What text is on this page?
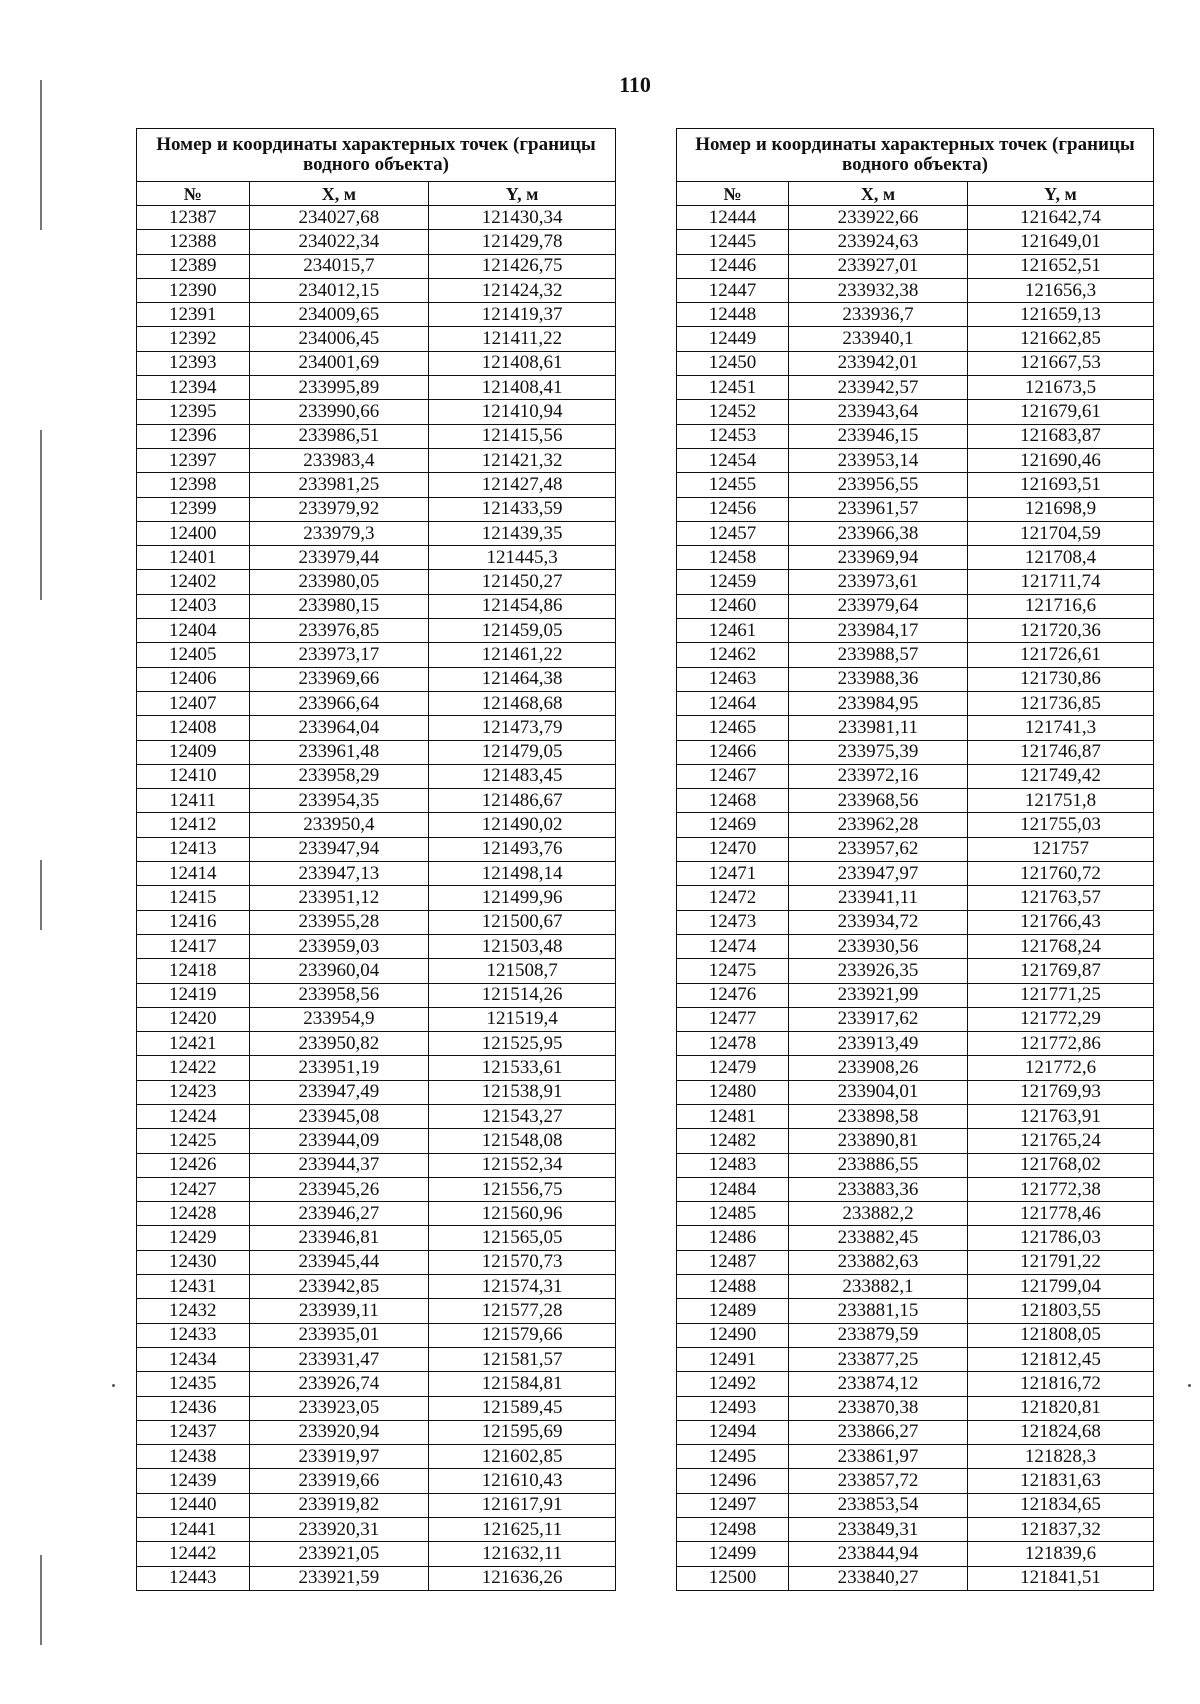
110
Номер и координаты характерных точек (границы водного объекта)		
№	X, м	Y, м
12387	234027,68	121430,34
12388	234022,34	121429,78
12389	234015,7	121426,75
12390	234012,15	121424,32
12391	234009,65	121419,37
12392	234006,45	121411,22
12393	234001,69	121408,61
12394	233995,89	121408,41
12395	233990,66	121410,94
12396	233986,51	121415,56
12397	233983,4	121421,32
12398	233981,25	121427,48
12399	233979,92	121433,59
12400	233979,3	121439,35
12401	233979,44	121445,3
12402	233980,05	121450,27
12403	233980,15	121454,86
12404	233976,85	121459,05
12405	233973,17	121461,22
12406	233969,66	121464,38
12407	233966,64	121468,68
12408	233964,04	121473,79
12409	233961,48	121479,05
12410	233958,29	121483,45
12411	233954,35	121486,67
12412	233950,4	121490,02
12413	233947,94	121493,76
12414	233947,13	121498,14
12415	233951,12	121499,96
12416	233955,28	121500,67
12417	233959,03	121503,48
12418	233960,04	121508,7
12419	233958,56	121514,26
12420	233954,9	121519,4
12421	233950,82	121525,95
12422	233951,19	121533,61
12423	233947,49	121538,91
12424	233945,08	121543,27
12425	233944,09	121548,08
12426	233944,37	121552,34
12427	233945,26	121556,75
12428	233946,27	121560,96
12429	233946,81	121565,05
12430	233945,44	121570,73
12431	233942,85	121574,31
12432	233939,11	121577,28
12433	233935,01	121579,66
12434	233931,47	121581,57
12435	233926,74	121584,81
12436	233923,05	121589,45
12437	233920,94	121595,69
12438	233919,97	121602,85
12439	233919,66	121610,43
12440	233919,82	121617,91
12441	233920,31	121625,11
12442	233921,05	121632,11
12443	233921,59	121636,26
Номер и координаты характерных точек (границы водного объекта)		
№	X, м	Y, м
12444	233922,66	121642,74
12445	233924,63	121649,01
12446	233927,01	121652,51
12447	233932,38	121656,3
12448	233936,7	121659,13
12449	233940,1	121662,85
12450	233942,01	121667,53
12451	233942,57	121673,5
12452	233943,64	121679,61
12453	233946,15	121683,87
12454	233953,14	121690,46
12455	233956,55	121693,51
12456	233961,57	121698,9
12457	233966,38	121704,59
12458	233969,94	121708,4
12459	233973,61	121711,74
12460	233979,64	121716,6
12461	233984,17	121720,36
12462	233988,57	121726,61
12463	233988,36	121730,86
12464	233984,95	121736,85
12465	233981,11	121741,3
12466	233975,39	121746,87
12467	233972,16	121749,42
12468	233968,56	121751,8
12469	233962,28	121755,03
12470	233957,62	121757
12471	233947,97	121760,72
12472	233941,11	121763,57
12473	233934,72	121766,43
12474	233930,56	121768,24
12475	233926,35	121769,87
12476	233921,99	121771,25
12477	233917,62	121772,29
12478	233913,49	121772,86
12479	233908,26	121772,6
12480	233904,01	121769,93
12481	233898,58	121763,91
12482	233890,81	121765,24
12483	233886,55	121768,02
12484	233883,36	121772,38
12485	233882,2	121778,46
12486	233882,45	121786,03
12487	233882,63	121791,22
12488	233882,1	121799,04
12489	233881,15	121803,55
12490	233879,59	121808,05
12491	233877,25	121812,45
12492	233874,12	121816,72
12493	233870,38	121820,81
12494	233866,27	121824,68
12495	233861,97	121828,3
12496	233857,72	121831,63
12497	233853,54	121834,65
12498	233849,31	121837,32
12499	233844,94	121839,6
12500	233840,27	121841,51
